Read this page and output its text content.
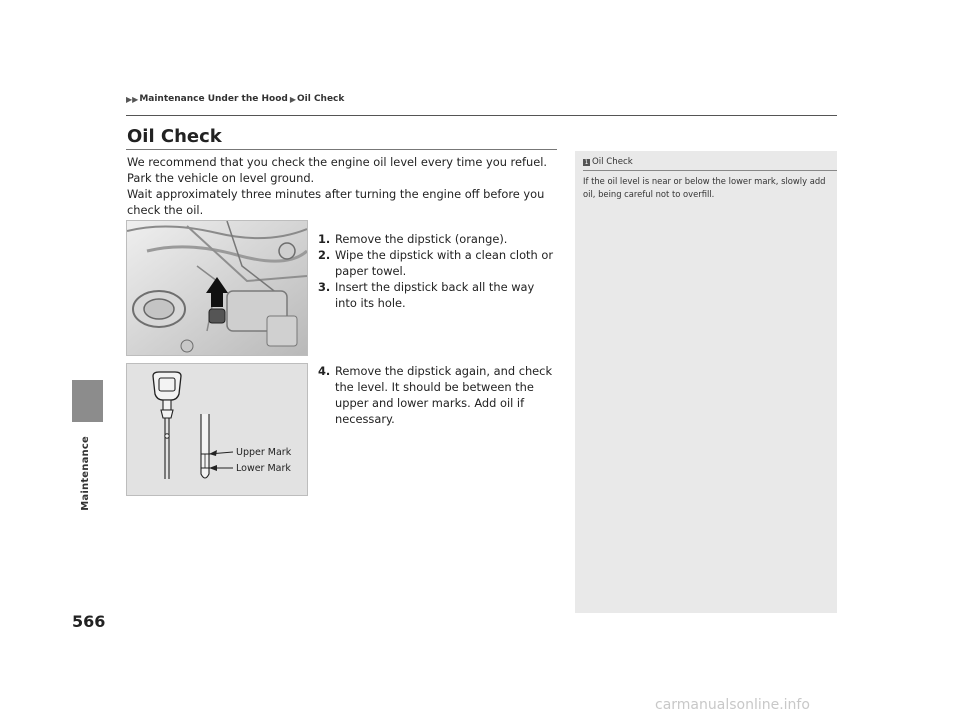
Maintenance
566
▶▶ Maintenance Under the Hood ▶ Oil Check
Oil Check

We recommend that you check the engine oil level every time you refuel.

Park the vehicle on level ground.

Wait approximately three minutes after turning the engine off before you check the oil.

1. Remove the dipstick (orange).
2. Wipe the dipstick with a clean cloth or paper towel.
3. Insert the dipstick back all the way into its hole.
4. Remove the dipstick again, and check the level. It should be between the upper and lower marks. Add oil if necessary.
Upper Mark
Lower Mark
1 Oil Check
If the oil level is near or below the lower mark, slowly add oil, being careful not to overfill.
carmanualsonline.info
